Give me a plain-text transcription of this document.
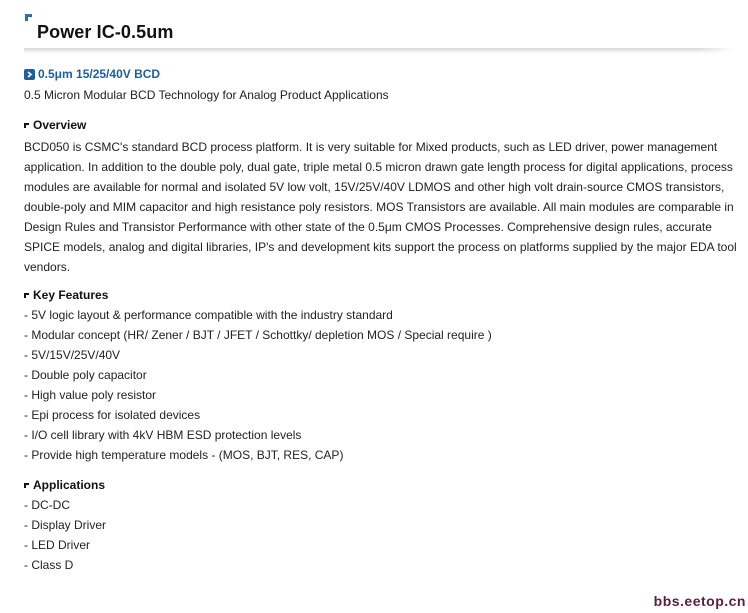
Power IC-0.5um
0.5μm 15/25/40V BCD
0.5 Micron Modular BCD Technology for Analog Product Applications
Overview
BCD050 is CSMC's standard BCD process platform. It is very suitable for Mixed products, such as LED driver, power management
application. In addition to the double poly, dual gate, triple metal 0.5 micron drawn gate length process for digital applications, process
modules are available for normal and isolated 5V low volt, 15V/25V/40V LDMOS and other high volt drain-source CMOS transistors,
double-poly and MIM capacitor and high resistance poly resistors. MOS Transistors are available. All main modules are comparable in
Design Rules and Transistor Performance with other state of the 0.5μm CMOS Processes. Comprehensive design rules, accurate
SPICE models, analog and digital libraries, IP's and development kits support the process on platforms supplied by the major EDA tool
vendors.
Key Features
- 5V logic layout & performance compatible with the industry standard
- Modular concept (HR/ Zener / BJT / JFET / Schottky/ depletion MOS / Special require )
- 5V/15V/25V/40V
- Double poly capacitor
- High value poly resistor
- Epi process for isolated devices
- I/O cell library with 4kV HBM ESD protection levels
- Provide high temperature models - (MOS, BJT, RES, CAP)
Applications
- DC-DC
- Display Driver
- LED Driver
- Class D
bbs.eetop.cn
